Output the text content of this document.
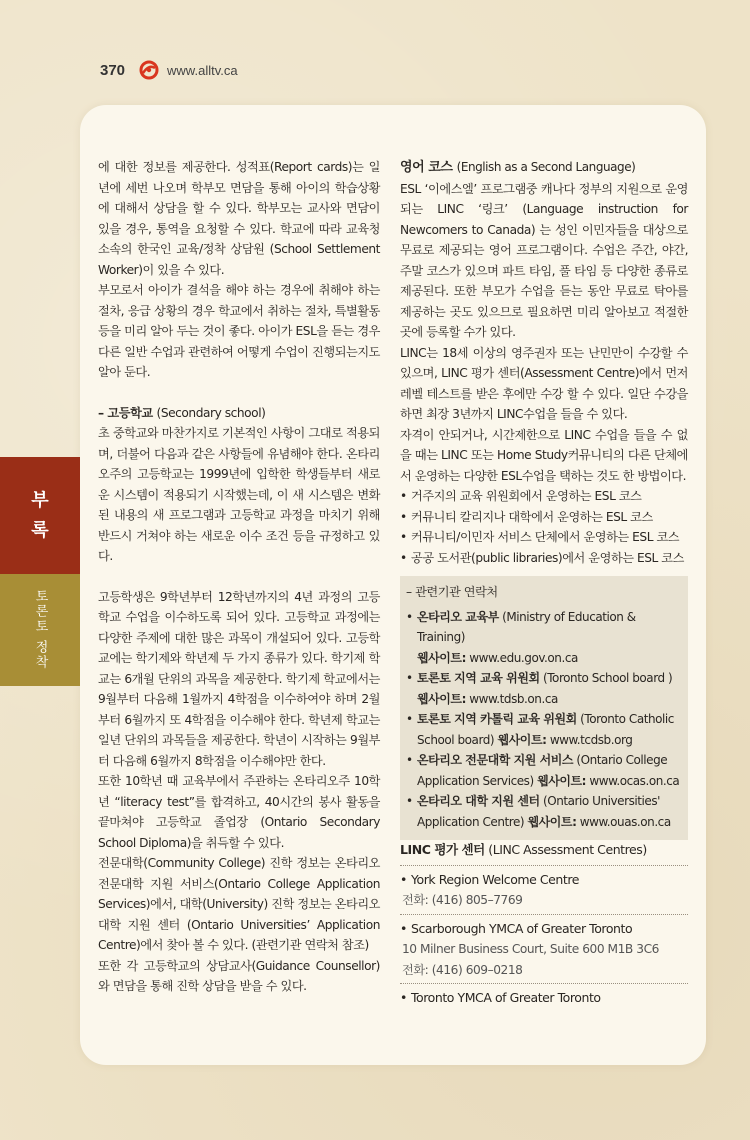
370	www.alltv.ca
부
록
토론토 정착

에 대한 정보를 제공한다. 성적표(Report cards)는 일년에 세번 나오며 학부모 면담을 통해 아이의 학습상황에 대해서 상담을 할 수 있다. 학부모는 교사와 면담이 있을 경우, 통역을 요청할 수 있다. 학교에 따라 교육청 소속의 한국인 교육/정착 상담원 (School Settlement Worker)이 있을 수 있다.

부모로서 아이가 결석을 해야 하는 경우에 취해야 하는 절차, 응급 상황의 경우 학교에서 취하는 절차, 특별활동 등을 미리 알아 두는 것이 좋다. 아이가 ESL을 듣는 경우 다른 일반 수업과 관련하여 어떻게 수업이 진행되는지도 알아 둔다.

– 고등학교 (Secondary school)

초 중학교와 마찬가지로 기본적인 사항이 그대로 적용되며, 더불어 다음과 같은 사항들에 유념해야 한다. 온타리오주의 고등학교는 1999년에 입학한 학생들부터 새로운 시스템이 적용되기 시작했는데, 이 새 시스템은 변화된 내용의 새 프로그램과 고등학교 과정을 마치기 위해 반드시 거쳐야 하는 새로운 이수 조건 등을 규정하고 있다.

고등학생은 9학년부터 12학년까지의 4년 과정의 고등학교 수업을 이수하도록 되어 있다. 고등학교 과정에는 다양한 주제에 대한 많은 과목이 개설되어 있다. 고등학교에는 학기제와 학년제 두 가지 종류가 있다. 학기제 학교는 6개월 단위의 과목을 제공한다. 학기제 학교에서는 9월부터 다음해 1월까지 4학점을 이수하여야 하며 2월부터 6월까지 또 4학점을 이수해야 한다. 학년제 학교는 일년 단위의 과목들을 제공한다. 학년이 시작하는 9월부터 다음해 6월까지 8학점을 이수해야만 한다.

또한 10학년 때 교육부에서 주관하는 온타리오주 10학년 “literacy test”를 합격하고, 40시간의 봉사 활동을 끝마쳐야 고등학교 졸업장 (Ontario Secondary School Diploma)을 취득할 수 있다.

전문대학(Community College) 진학 정보는 온타리오 전문대학 지원 서비스(Ontario College Application Services)에서, 대학(University) 진학 정보는 온타리오 대학 지원 센터 (Ontario Universities’ Application Centre)에서 찾아 볼 수 있다. (관련기관 연락처 참조)

또한 각 고등학교의 상담교사(Guidance Counsellor)와 면담을 통해 진학 상담을 받을 수 있다.

영어 코스 (English as a Second Language)

ESL ‘이에스엘’ 프로그램중 캐나다 정부의 지원으로 운영되는 LINC ‘링크’ (Language instruction for Newcomers to Canada) 는 성인 이민자들을 대상으로 무료로 제공되는 영어 프로그램이다. 수업은 주간, 야간, 주말 코스가 있으며 파트 타임, 풀 타임 등 다양한 종류로 제공된다. 또한 부모가 수업을 듣는 동안 무료로 탁아를 제공하는 곳도 있으므로 필요하면 미리 알아보고 적절한 곳에 등록할 수가 있다.

LINC는 18세 이상의 영주권자 또는 난민만이 수강할 수 있으며, LINC 평가 센터(Assessment Centre)에서 먼저 레벨 테스트를 받은 후에만 수강 할 수 있다. 일단 수강을 하면 최장 3년까지 LINC수업을 들을 수 있다.

자격이 안되거나, 시간제한으로 LINC 수업을 들을 수 없을 때는 LINC 또는 Home Study커뮤니티의 다른 단체에서 운영하는 다양한 ESL수업을 택하는 것도 한 방법이다.

• 거주지의 교육 위원회에서 운영하는 ESL 코스
• 커뮤니티 칼리지나 대학에서 운영하는 ESL 코스
• 커뮤니티/이민자 서비스 단체에서 운영하는 ESL 코스
• 공공 도서관(public libraries)에서 운영하는 ESL 코스
– 관련기관 연락처
• 온타리오 교육부 (Ministry of Education & Training)
웹사이트: www.edu.gov.on.ca
• 토론토 지역 교육 위원회 (Toronto School board )
웹사이트: www.tdsb.on.ca
• 토론토 지역 카톨릭 교육 위원회 (Toronto Catholic School board) 웹사이트: www.tcdsb.org
• 온타리오 전문대학 지원 서비스 (Ontario College Application Services) 웹사이트: www.ocas.on.ca
• 온타리오 대학 지원 센터 (Ontario Universities' Application Centre) 웹사이트: www.ouas.on.ca

LINC 평가 센터 (LINC Assessment Centres)

• York Region Welcome Centre
전화: (416) 805–7769
• Scarborough YMCA of Greater Toronto
10 Milner Business Court, Suite 600 M1B 3C6
전화: (416) 609–0218
• Toronto YMCA of Greater Toronto
